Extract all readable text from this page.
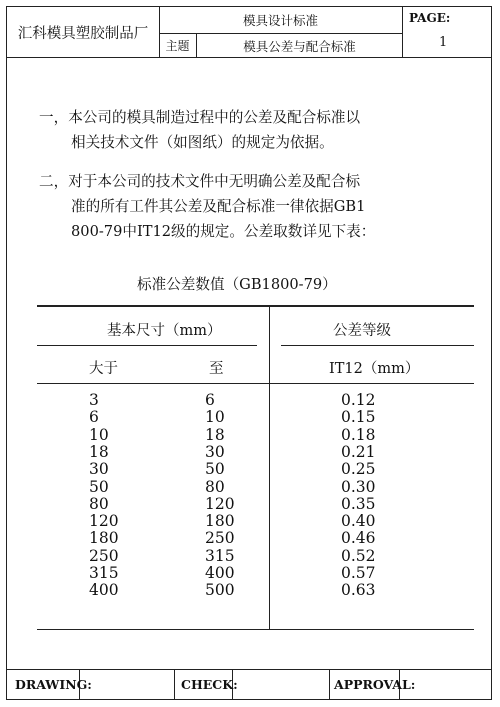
汇科模具塑胶制品厂
模具设计标准
主题	模具公差与配合标准
PAGE:
1
一，本公司的模具制造过程中的公差及配合标准以
相关技术文件（如图纸）的规定为依据。
二，对于本公司的技术文件中无明确公差及配合标
准的所有工件其公差及配合标准一律依据GB1
800-79中IT12级的规定。公差取数详见下表：
标准公差数值（GB1800-79）
基本尺寸（mm）	公差等级
大于	至	IT12（mm）
3	6	0.12
6	10	0.15
10	18	0.18
18	30	0.21
30	50	0.25
50	80	0.30
80	120	0.35
120	180	0.40
180	250	0.46
250	315	0.52
315	400	0.57
400	500	0.63
DRAWING:	CHECK:	APPROVAL:
